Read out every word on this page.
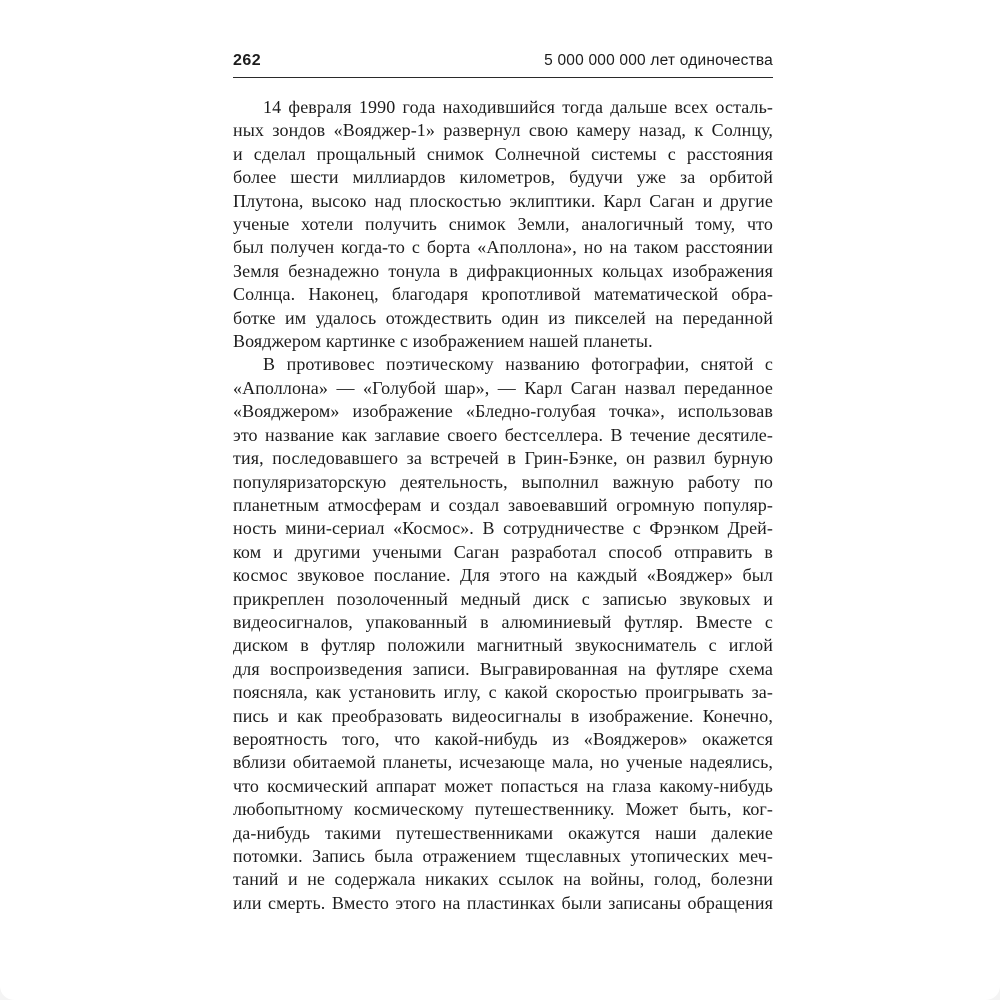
262	5 000 000 000 лет одиночества
14 февраля 1990 года находившийся тогда дальше всех осталь-
ных зондов «Вояджер-1» развернул свою камеру назад, к Солнцу,
и сделал прощальный снимок Солнечной системы с расстояния
более шести миллиардов километров, будучи уже за орбитой
Плутона, высоко над плоскостью эклиптики. Карл Саган и другие
ученые хотели получить снимок Земли, аналогичный тому, что
был получен когда-то с борта «Аполлона», но на таком расстоянии
Земля безнадежно тонула в дифракционных кольцах изображения
Солнца. Наконец, благодаря кропотливой математической обра-
ботке им удалось отождествить один из пикселей на переданной
Вояджером картинке с изображением нашей планеты.
В противовес поэтическому названию фотографии, снятой с
«Аполлона» — «Голубой шар», — Карл Саган назвал переданное
«Вояджером» изображение «Бледно-голубая точка», использовав
это название как заглавие своего бестселлера. В течение десятиле-
тия, последовавшего за встречей в Грин-Бэнке, он развил бурную
популяризаторскую деятельность, выполнил важную работу по
планетным атмосферам и создал завоевавший огромную популяр-
ность мини-сериал «Космос». В сотрудничестве с Фрэнком Дрей-
ком и другими учеными Саган разработал способ отправить в
космос звуковое послание. Для этого на каждый «Вояджер» был
прикреплен позолоченный медный диск с записью звуковых и
видеосигналов, упакованный в алюминиевый футляр. Вместе с
диском в футляр положили магнитный звукосниматель с иглой
для воспроизведения записи. Выгравированная на футляре схема
поясняла, как установить иглу, с какой скоростью проигрывать за-
пись и как преобразовать видеосигналы в изображение. Конечно,
вероятность того, что какой-нибудь из «Вояджеров» окажется
вблизи обитаемой планеты, исчезающе мала, но ученые надеялись,
что космический аппарат может попасться на глаза какому-нибудь
любопытному космическому путешественнику. Может быть, ког-
да-нибудь такими путешественниками окажутся наши далекие
потомки. Запись была отражением тщеславных утопических меч-
таний и не содержала никаких ссылок на войны, голод, болезни
или смерть. Вместо этого на пластинках были записаны обращения
